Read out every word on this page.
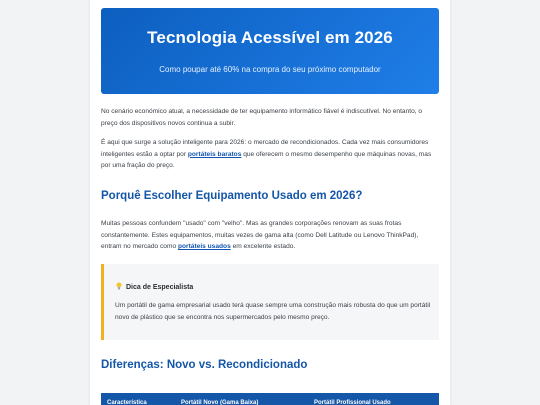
Tecnologia Acessível em 2026
Como poupar até 60% na compra do seu próximo computador

No cenário económico atual, a necessidade de ter equipamento informático fiável é indiscutível. No entanto, o preço dos dispositivos novos continua a subir.

É aqui que surge a solução inteligente para 2026: o mercado de recondicionados. Cada vez mais consumidores inteligentes estão a optar por portáteis baratos que oferecem o mesmo desempenho que máquinas novas, mas por uma fração do preço.

Porquê Escolher Equipamento Usado em 2026?

Muitas pessoas confundem "usado" com "velho". Mas as grandes corporações renovam as suas frotas constantemente. Estes equipamentos, muitas vezes de gama alta (como Dell Latitude ou Lenovo ThinkPad), entram no mercado como portáteis usados em excelente estado.

Dica de Especialista

Um portátil de gama empresarial usado terá quase sempre uma construção mais robusta do que um portátil novo de plástico que se encontra nos supermercados pelo mesmo preço.

Diferenças: Novo vs. Recondicionado
Característica	Portátil Novo (Gama Baixa)	Portátil Profissional Usado
